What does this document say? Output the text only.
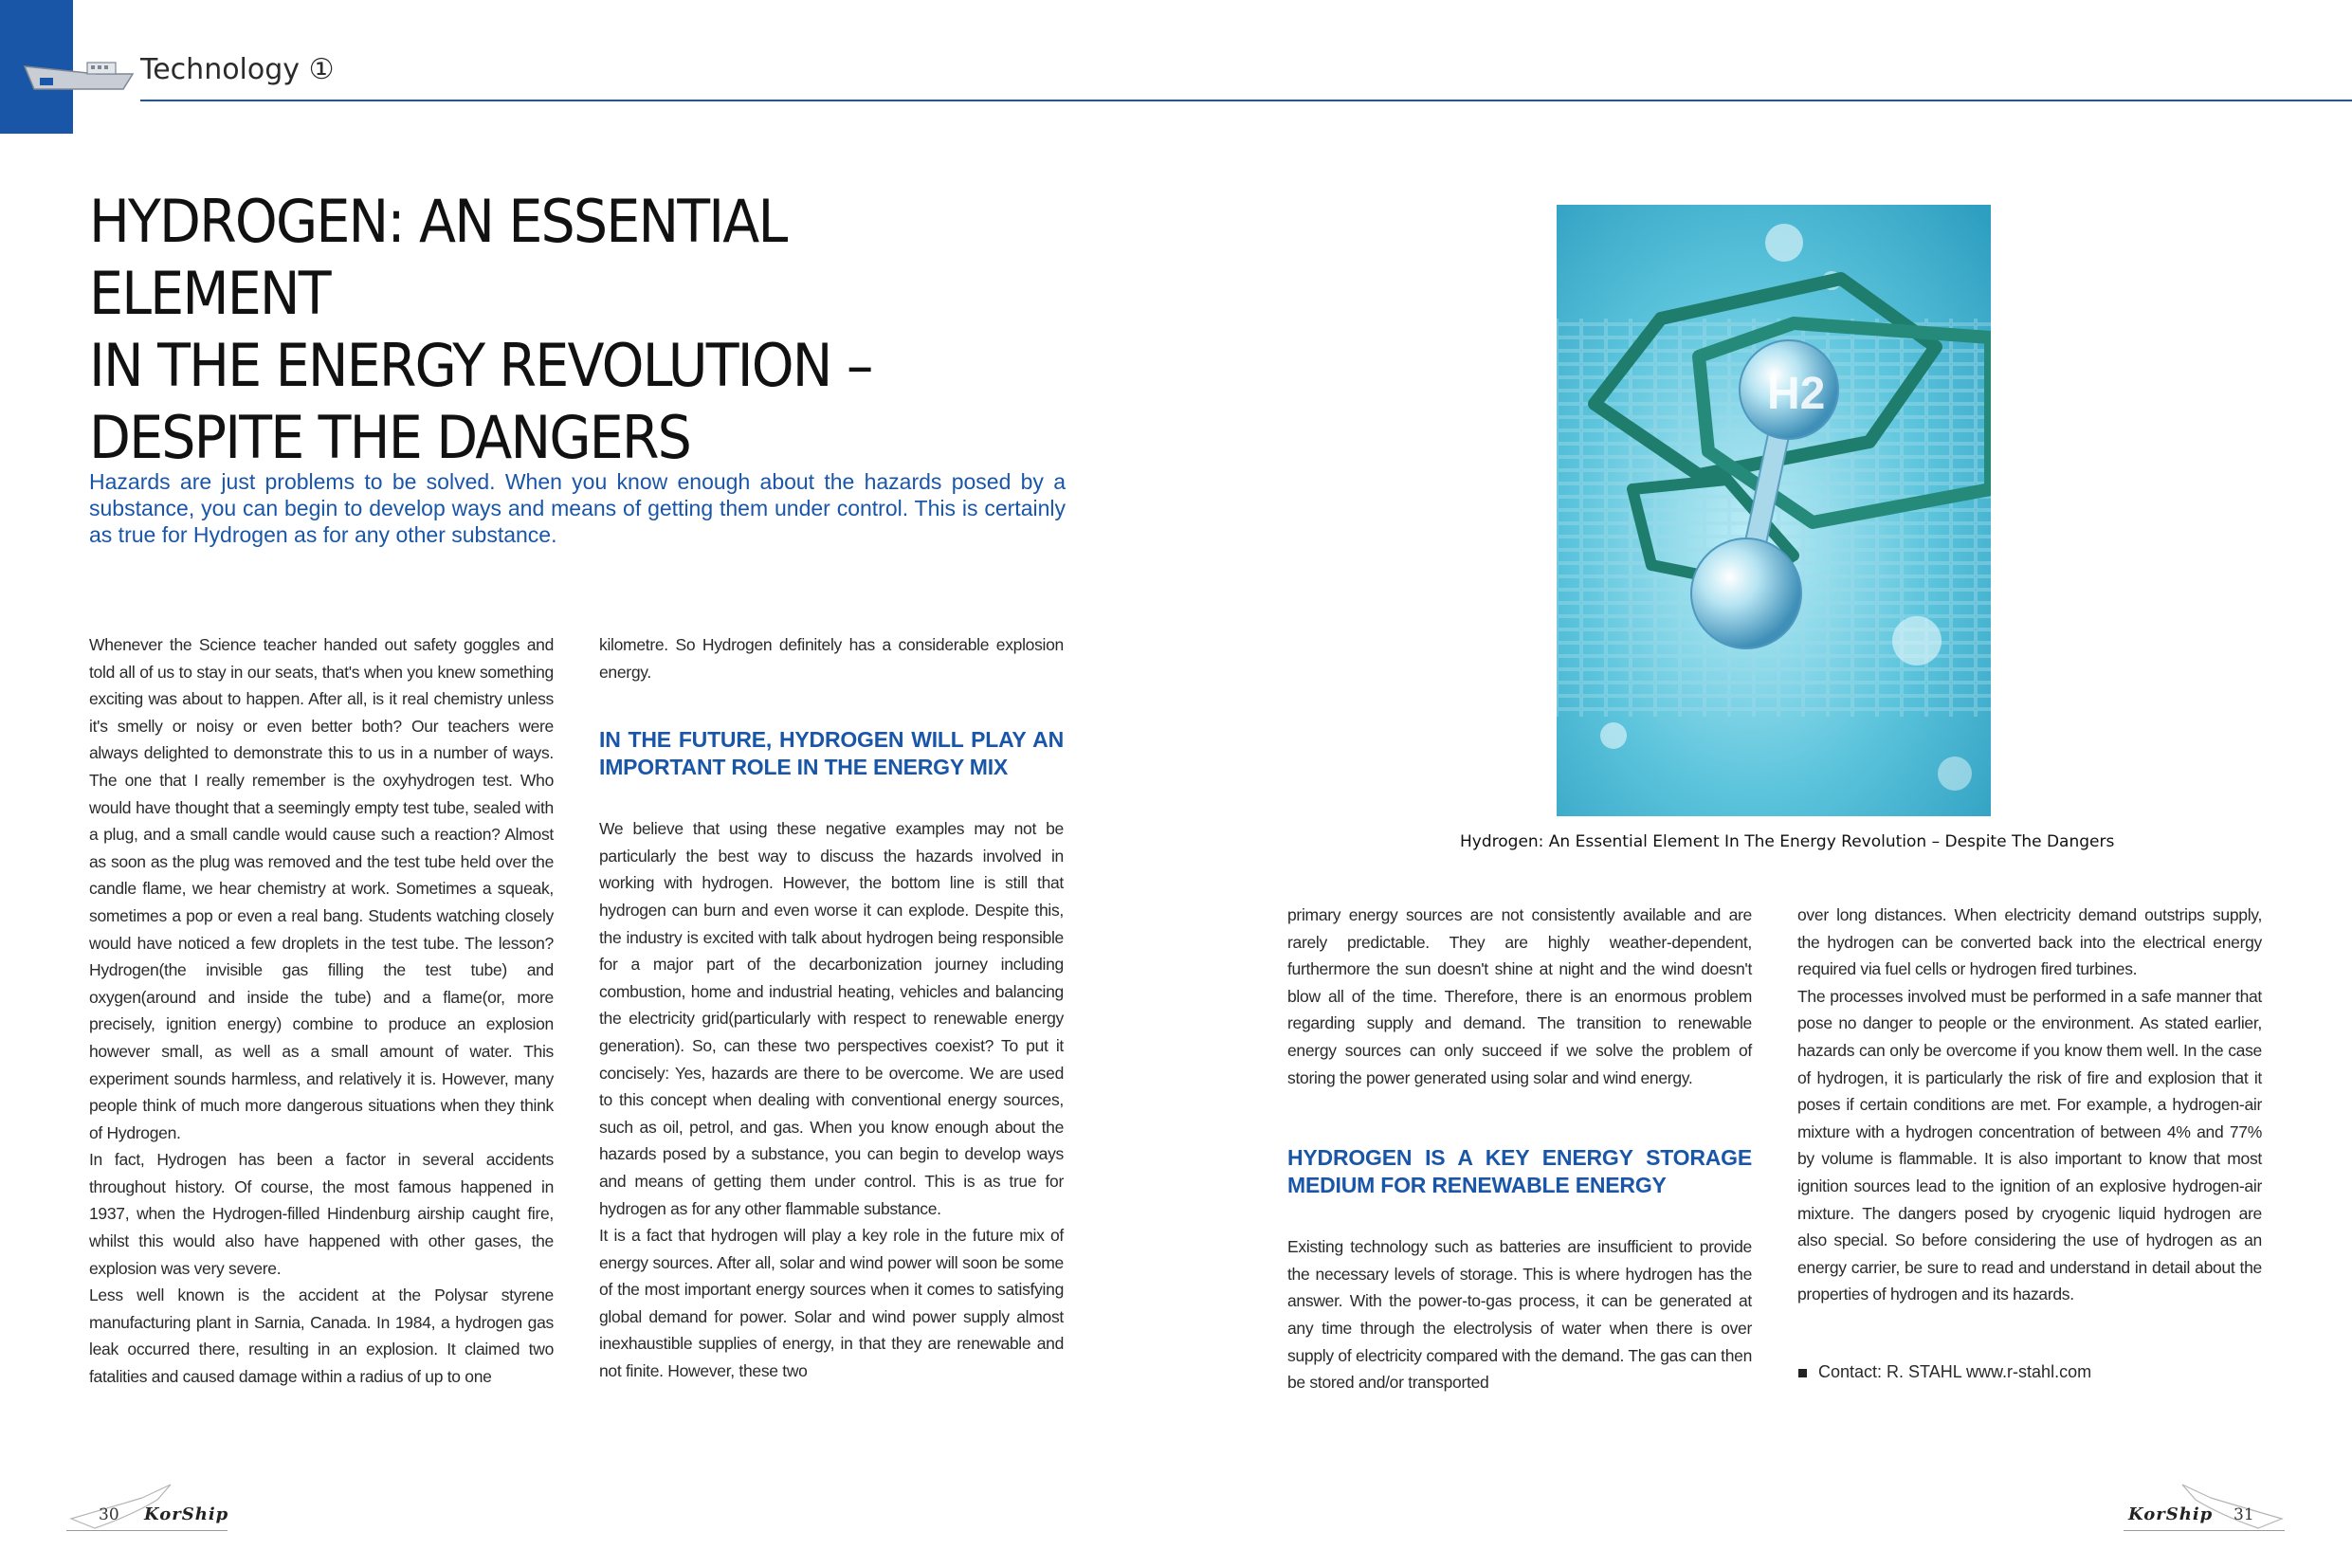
Technology ①
HYDROGEN: AN ESSENTIAL ELEMENT
IN THE ENERGY REVOLUTION –
DESPITE THE DANGERS

Hazards are just problems to be solved. When you know enough about the hazards posed by a substance, you can begin to develop ways and means of getting them under control. This is certainly as true for Hydrogen as for any other substance.

Whenever the Science teacher handed out safety goggles and told all of us to stay in our seats, that's when you knew something exciting was about to happen. After all, is it real chemistry unless it's smelly or noisy or even better both? Our teachers were always delighted to demonstrate this to us in a number of ways. The one that I really remember is the oxyhydrogen test. Who would have thought that a seemingly empty test tube, sealed with a plug, and a small candle would cause such a reaction? Almost as soon as the plug was removed and the test tube held over the candle flame, we hear chemistry at work. Sometimes a squeak, sometimes a pop or even a real bang. Students watching closely would have noticed a few droplets in the test tube. The lesson? Hydrogen(the invisible gas filling the test tube) and oxygen(around and inside the tube) and a flame(or, more precisely, ignition energy) combine to produce an explosion however small, as well as a small amount of water. This experiment sounds harmless, and relatively it is. However, many people think of much more dangerous situations when they think of Hydrogen.

In fact, Hydrogen has been a factor in several accidents throughout history. Of course, the most famous happened in 1937, when the Hydrogen-filled Hindenburg airship caught fire, whilst this would also have happened with other gases, the explosion was very severe.

Less well known is the accident at the Polysar styrene manufacturing plant in Sarnia, Canada. In 1984, a hydrogen gas leak occurred there, resulting in an explosion. It claimed two fatalities and caused damage within a radius of up to one

kilometre. So Hydrogen definitely has a considerable explosion energy.

IN THE FUTURE, HYDROGEN WILL PLAY AN IMPORTANT ROLE IN THE ENERGY MIX

We believe that using these negative examples may not be particularly the best way to discuss the hazards involved in working with hydrogen. However, the bottom line is still that hydrogen can burn and even worse it can explode. Despite this, the industry is excited with talk about hydrogen being responsible for a major part of the decarbonization journey including combustion, home and industrial heating, vehicles and balancing the electricity grid(particularly with respect to renewable energy generation). So, can these two perspectives coexist? To put it concisely: Yes, hazards are there to be overcome. We are used to this concept when dealing with conventional energy sources, such as oil, petrol, and gas. When you know enough about the hazards posed by a substance, you can begin to develop ways and means of getting them under control. This is as true for hydrogen as for any other flammable substance.

It is a fact that hydrogen will play a key role in the future mix of energy sources. After all, solar and wind power will soon be some of the most important energy sources when it comes to satisfying global demand for power. Solar and wind power supply almost inexhaustible supplies of energy, in that they are renewable and not finite. However, these two

H2
Hydrogen: An Essential Element In The Energy Revolution – Despite The Dangers

primary energy sources are not consistently available and are rarely predictable. They are highly weather-dependent, furthermore the sun doesn't shine at night and the wind doesn't blow all of the time. Therefore, there is an enormous problem regarding supply and demand. The transition to renewable energy sources can only succeed if we solve the problem of storing the power generated using solar and wind energy.

HYDROGEN IS A KEY ENERGY STORAGE MEDIUM FOR RENEWABLE ENERGY

Existing technology such as batteries are insufficient to provide the necessary levels of storage. This is where hydrogen has the answer. With the power-to-gas process, it can be generated at any time through the electrolysis of water when there is over supply of electricity compared with the demand. The gas can then be stored and/or transported

over long distances. When electricity demand outstrips supply, the hydrogen can be converted back into the electrical energy required via fuel cells or hydrogen fired turbines.

The processes involved must be performed in a safe manner that pose no danger to people or the environment. As stated earlier, hazards can only be overcome if you know them well. In the case of hydrogen, it is particularly the risk of fire and explosion that it poses if certain conditions are met. For example, a hydrogen-air mixture with a hydrogen concentration of between 4% and 77% by volume is flammable. It is also important to know that most ignition sources lead to the ignition of an explosive hydrogen-air mixture. The dangers posed by cryogenic liquid hydrogen are also special. So before considering the use of hydrogen as an energy carrier, be sure to read and understand in detail about the properties of hydrogen and its hazards.

Contact: R. STAHL www.r-stahl.com
30 KorShip	KorShip 31
